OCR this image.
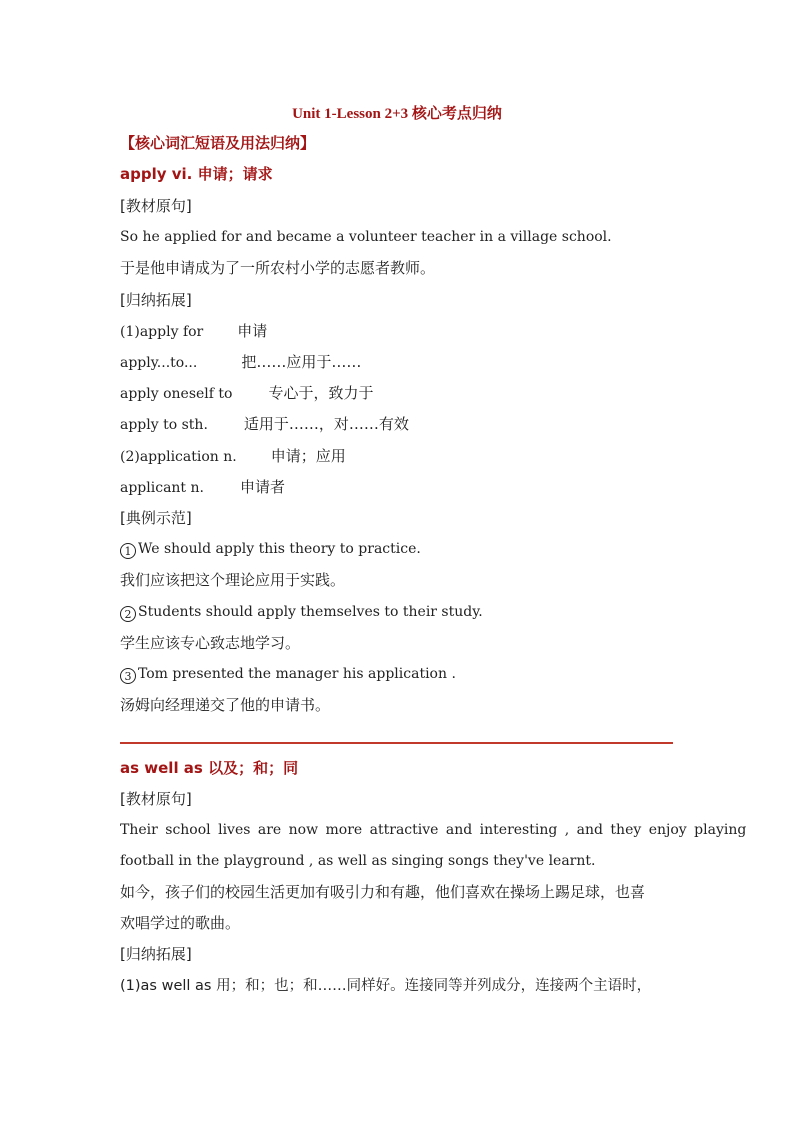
Unit 1-Lesson 2+3 核心考点归纳
【核心词汇短语及用法归纳】
apply vi. 申请；请求
[教材原句]
So he applied for and became a volunteer teacher in a village school.
于是他申请成为了一所农村小学的志愿者教师。
[归纳拓展]
(1)apply for 申请
apply...to...	把……应用于……
apply oneself to 专心于，致力于
apply to sth. 适用于……，对……有效
(2)application n. 申请；应用
applicant n. 申请者
[典例示范]
1 We should apply this theory to practice.
我们应该把这个理论应用于实践。
2 Students should apply themselves to their study.
学生应该专心致志地学习。
3 Tom presented the manager his application .
汤姆向经理递交了他的申请书。
as well as 以及；和；同
[教材原句]
Their school lives are now more attractive and interesting , and they enjoy playing
football in the playground , as well as singing songs they've learnt.
如今，孩子们的校园生活更加有吸引力和有趣，他们喜欢在操场上踢足球，也喜
欢唱学过的歌曲。
[归纳拓展]
(1)as well as 用；和；也；和……同样好。连接同等并列成分，连接两个主语时，
